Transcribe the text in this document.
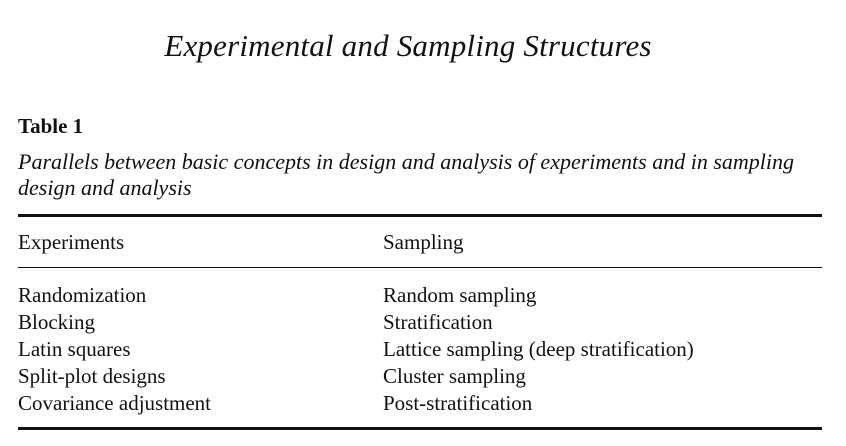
Experimental and Sampling Structures
Table 1
Parallels between basic concepts in design and analysis of experiments and in sampling design and analysis
Experiments	Sampling
Randomization	Random sampling
Blocking	Stratification
Latin squares	Lattice sampling (deep stratification)
Split-plot designs	Cluster sampling
Covariance adjustment	Post-stratification
